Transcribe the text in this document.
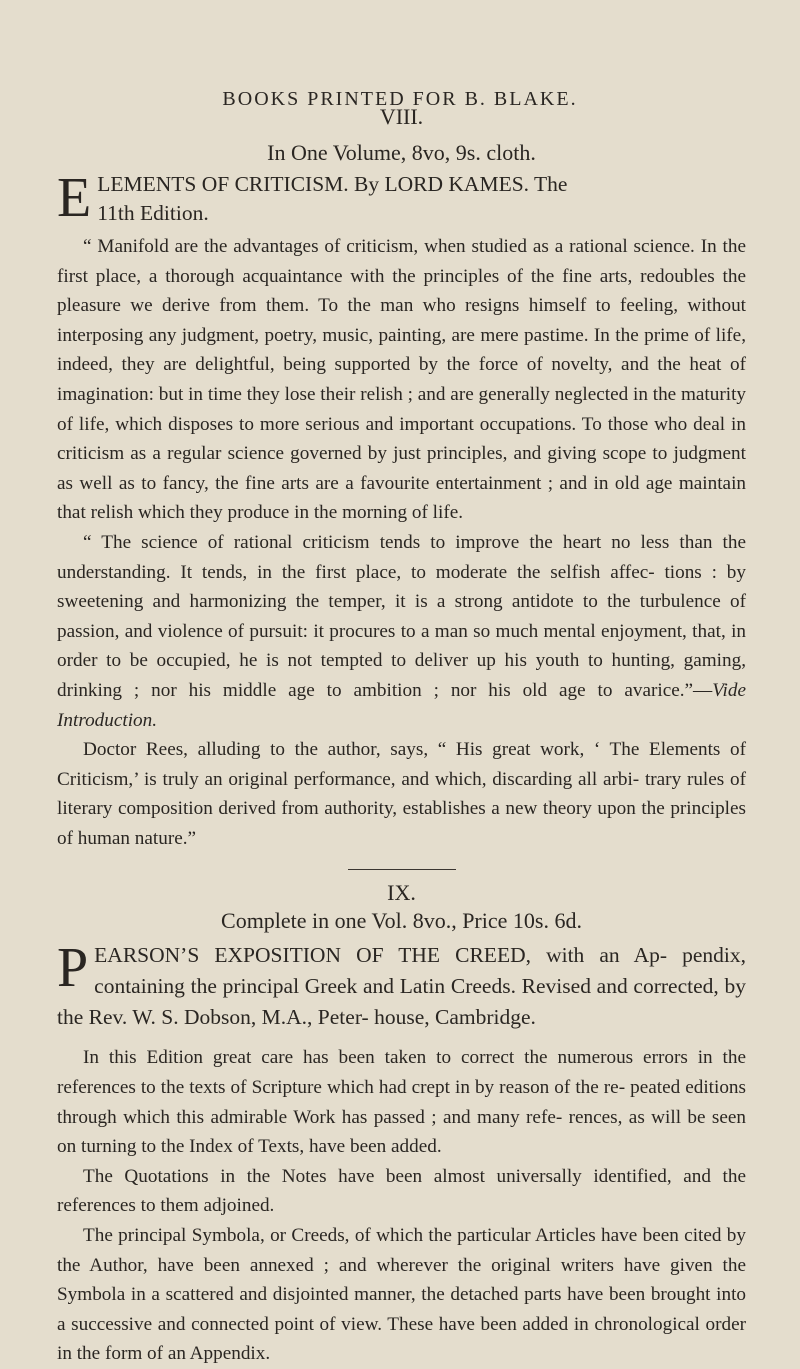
BOOKS PRINTED FOR B. BLAKE.
VIII.
In One Volume, 8vo, 9s. cloth.
E LEMENTS OF CRITICISM. By LORD KAMES. The

11th Edition.

“ Manifold are the advantages of criticism, when studied as a rational science. In the first place, a thorough acquaintance with the principles of the fine arts, redoubles the pleasure we derive from them. To the man who resigns himself to feeling, without interposing any judgment, poetry, music, painting, are mere pastime. In the prime of life, indeed, they are delightful, being supported by the force of novelty, and the heat of imagination: but in time they lose their relish ; and are generally neglected in the maturity of life, which disposes to more serious and important occupations. To those who deal in criticism as a regular science governed by just principles, and giving scope to judgment as well as to fancy, the fine arts are a favourite entertainment ; and in old age maintain that relish which they produce in the morning of life.

“ The science of rational criticism tends to improve the heart no less than the understanding. It tends, in the first place, to moderate the selfish affec- tions : by sweetening and harmonizing the temper, it is a strong antidote to the turbulence of passion, and violence of pursuit: it procures to a man so much mental enjoyment, that, in order to be occupied, he is not tempted to deliver up his youth to hunting, gaming, drinking ; nor his middle age to ambition ; nor his old age to avarice.”—Vide Introduction.

Doctor Rees, alluding to the author, says, “ His great work, ‘ The Elements of Criticism,’ is truly an original performance, and which, discarding all arbi- trary rules of literary composition derived from authority, establishes a new theory upon the principles of human nature.”

IX.
Complete in one Vol. 8vo., Price 10s. 6d.
P EARSON’S EXPOSITION OF THE CREED, with an Ap- pendix, containing the principal Greek and Latin Creeds. Revised and corrected, by the Rev. W. S. Dobson, M.A., Peter- house, Cambridge.

In this Edition great care has been taken to correct the numerous errors in the references to the texts of Scripture which had crept in by reason of the re- peated editions through which this admirable Work has passed ; and many refe- rences, as will be seen on turning to the Index of Texts, have been added.

The Quotations in the Notes have been almost universally identified, and the references to them adjoined.

The principal Symbola, or Creeds, of which the particular Articles have been cited by the Author, have been annexed ; and wherever the original writers have given the Symbola in a scattered and disjointed manner, the detached parts have been brought into a successive and connected point of view. These have been added in chronological order in the form of an Appendix.
